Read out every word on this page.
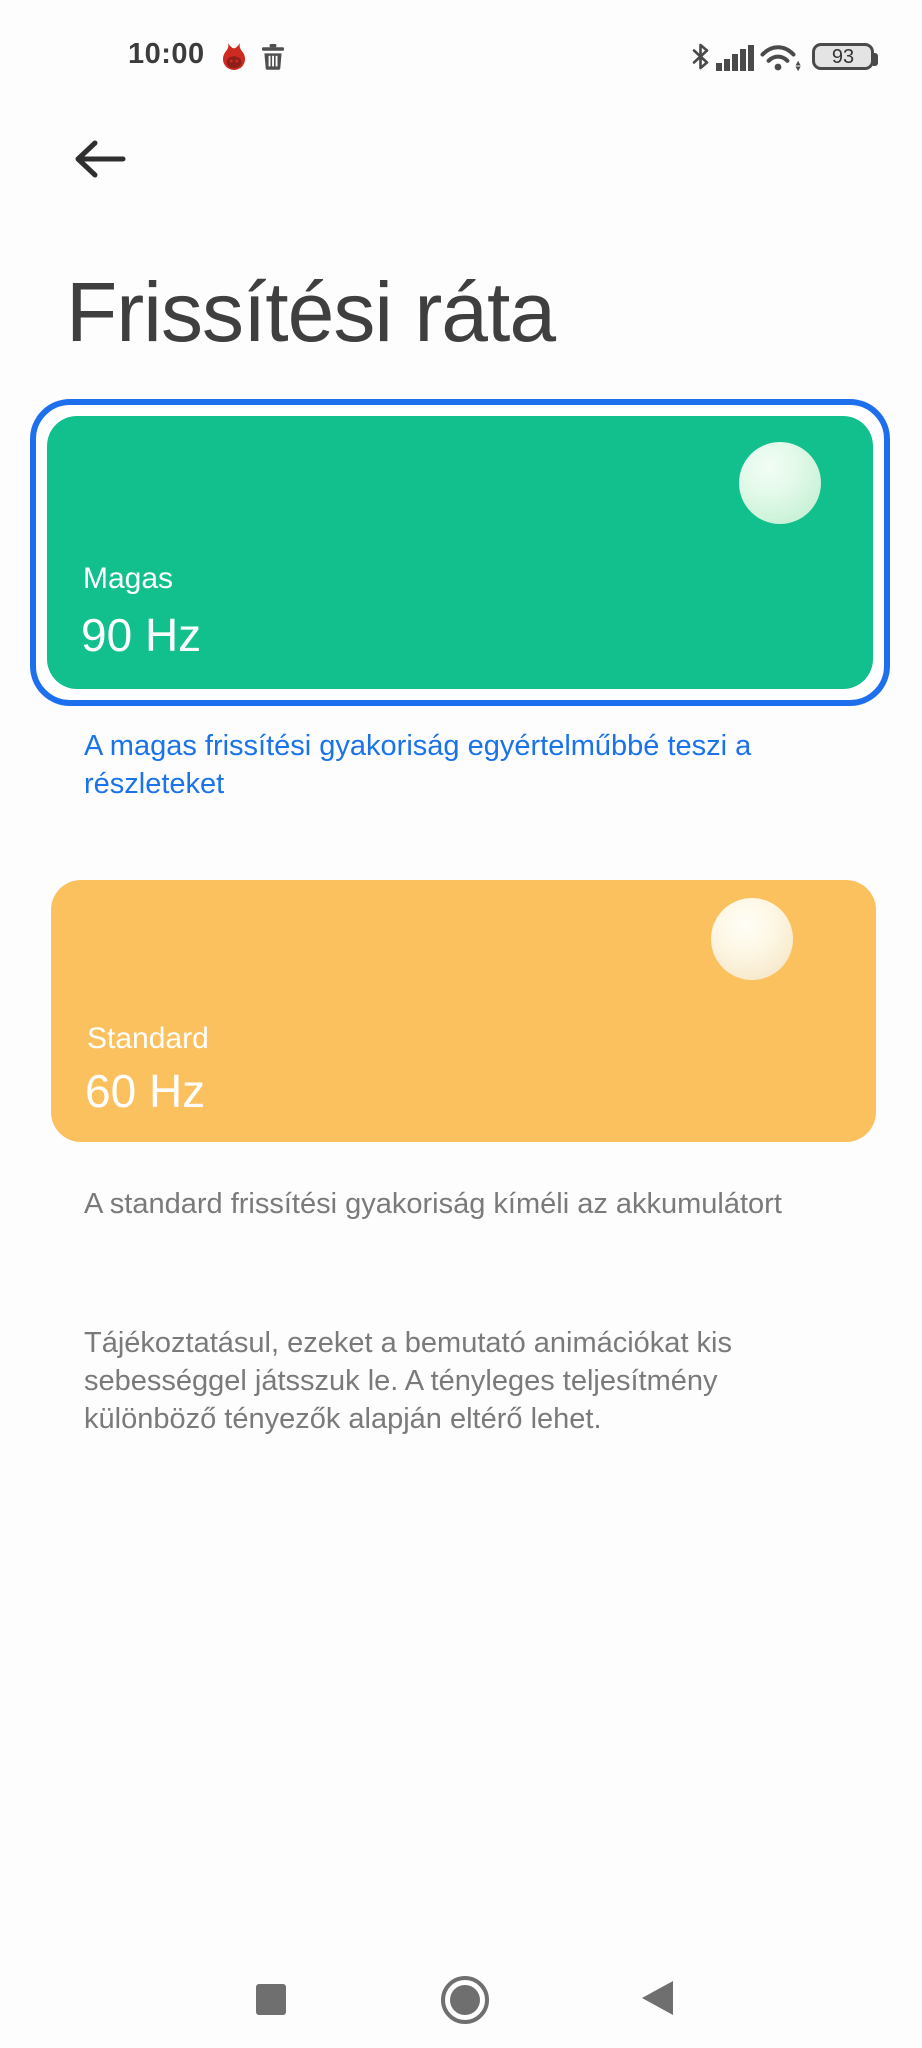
10:00	93
Frissítési ráta
Magas
90 Hz
A magas frissítési gyakoriság egyértelműbbé teszi a
részleteket
Standard
60 Hz
A standard frissítési gyakoriság kíméli az akkumulátort
Tájékoztatásul, ezeket a bemutató animációkat kis
sebességgel játsszuk le. A tényleges teljesítmény
különböző tényezők alapján eltérő lehet.
